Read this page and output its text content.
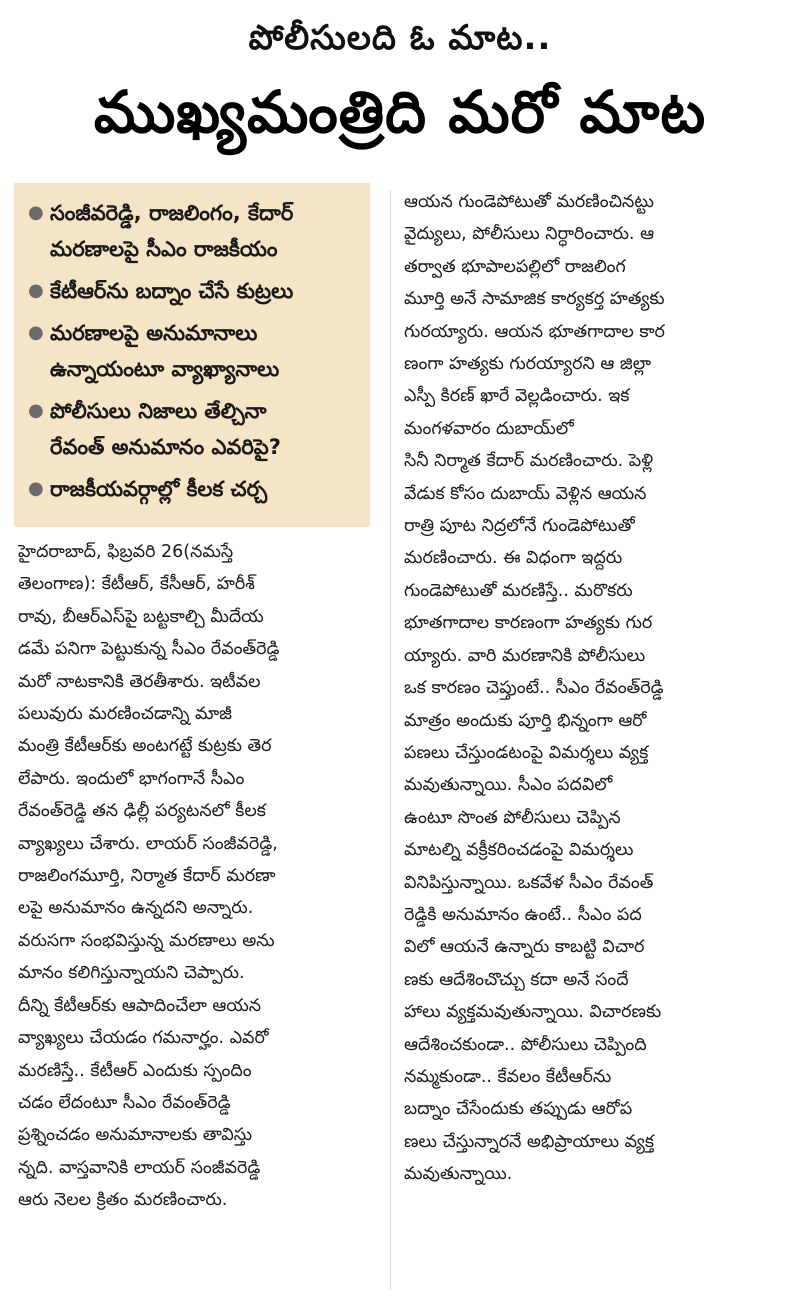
పోలీసులది ఓ మాట..
ముఖ్యమంత్రిది మరో మాట
● సంజీవరెడ్డి, రాజలింగం, కేదార్
మరణాలపై సీఎం రాజకీయం
● కేటీఆర్‌ను బద్నాం చేసే కుట్రలు
● మరణాలపై అనుమానాలు
ఉన్నాయంటూ వ్యాఖ్యానాలు
● పోలీసులు నిజాలు తేల్చినా
రేవంత్ అనుమానం ఎవరిపై?
● రాజకీయవర్గాల్లో కీలక చర్చ
హైదరాబాద్, ఫిబ్రవరి 26(నమస్తే
తెలంగాణ): కేటీఆర్, కేసీఆర్, హరీశ్
రావు, బీఆర్‌ఎస్‌పై బట్టకాల్చి మీదేయ
డమే పనిగా పెట్టుకున్న సీఎం రేవంత్‌రెడ్డి
మరో నాటకానికి తెరతీశారు. ఇటీవల
పలువురు మరణించడాన్ని మాజీ
మంత్రి కేటీఆర్‌కు అంటగట్టే కుట్రకు తెర
లేపారు. ఇందులో భాగంగానే సీఎం
రేవంత్‌రెడ్డి తన ఢిల్లీ పర్యటనలో కీలక
వ్యాఖ్యలు చేశారు. లాయర్ సంజీవరెడ్డి,
రాజలింగమూర్తి, నిర్మాత కేదార్ మరణా
లపై అనుమానం ఉన్నదని అన్నారు.
వరుసగా సంభవిస్తున్న మరణాలు అను
మానం కలిగిస్తున్నాయని చెప్పారు.
దీన్ని కేటీఆర్‌కు ఆపాదించేలా ఆయన
వ్యాఖ్యలు చేయడం గమనార్హం. ఎవరో
మరణిస్తే.. కేటీఆర్ ఎందుకు స్పందిం
చడం లేదంటూ సీఎం రేవంత్‌రెడ్డి
ప్రశ్నించడం అనుమానాలకు తావిస్తు
న్నది. వాస్తవానికి లాయర్ సంజీవరెడ్డి
ఆరు నెలల క్రితం మరణించారు.
ఆయన గుండెపోటుతో మరణించినట్టు
వైద్యులు, పోలీసులు నిర్ధారించారు. ఆ
తర్వాత భూపాలపల్లిలో రాజలింగ
మూర్తి అనే సామాజిక కార్యకర్త హత్యకు
గురయ్యారు. ఆయన భూతగాదాల కార
ణంగా హత్యకు గురయ్యారని ఆ జిల్లా
ఎస్పీ కిరణ్ ఖారే వెల్లడించారు. ఇక
మంగళవారం దుబాయ్‌లో
సినీ నిర్మాత కేదార్ మరణించారు. పెళ్లి
వేడుక కోసం దుబాయ్ వెళ్లిన ఆయన
రాత్రి పూట నిద్రలోనే గుండెపోటుతో
మరణించారు. ఈ విధంగా ఇద్దరు
గుండెపోటుతో మరణిస్తే.. మరొకరు
భూతగాదాల కారణంగా హత్యకు గుర
య్యారు. వారి మరణానికి పోలీసులు
ఒక కారణం చెప్తుంటే.. సీఎం రేవంత్‌రెడ్డి
మాత్రం అందుకు పూర్తి భిన్నంగా ఆరో
పణలు చేస్తుండటంపై విమర్శలు వ్యక్త
మవుతున్నాయి. సీఎం పదవిలో
ఉంటూ సొంత పోలీసులు చెప్పిన
మాటల్ని వక్రీకరించడంపై విమర్శలు
వినిపిస్తున్నాయి. ఒకవేళ సీఎం రేవంత్
రెడ్డికి అనుమానం ఉంటే.. సీఎం పద
విలో ఆయనే ఉన్నారు కాబట్టి విచార
ణకు ఆదేశించొచ్చు కదా అనే సందే
హాలు వ్యక్తమవుతున్నాయి. విచారణకు
ఆదేశించకుండా.. పోలీసులు చెప్పింది
నమ్మకుండా.. కేవలం కేటీఆర్‌ను
బద్నాం చేసేందుకు తప్పుడు ఆరోప
ణలు చేస్తున్నారనే అభిప్రాయాలు వ్యక్త
మవుతున్నాయి.
